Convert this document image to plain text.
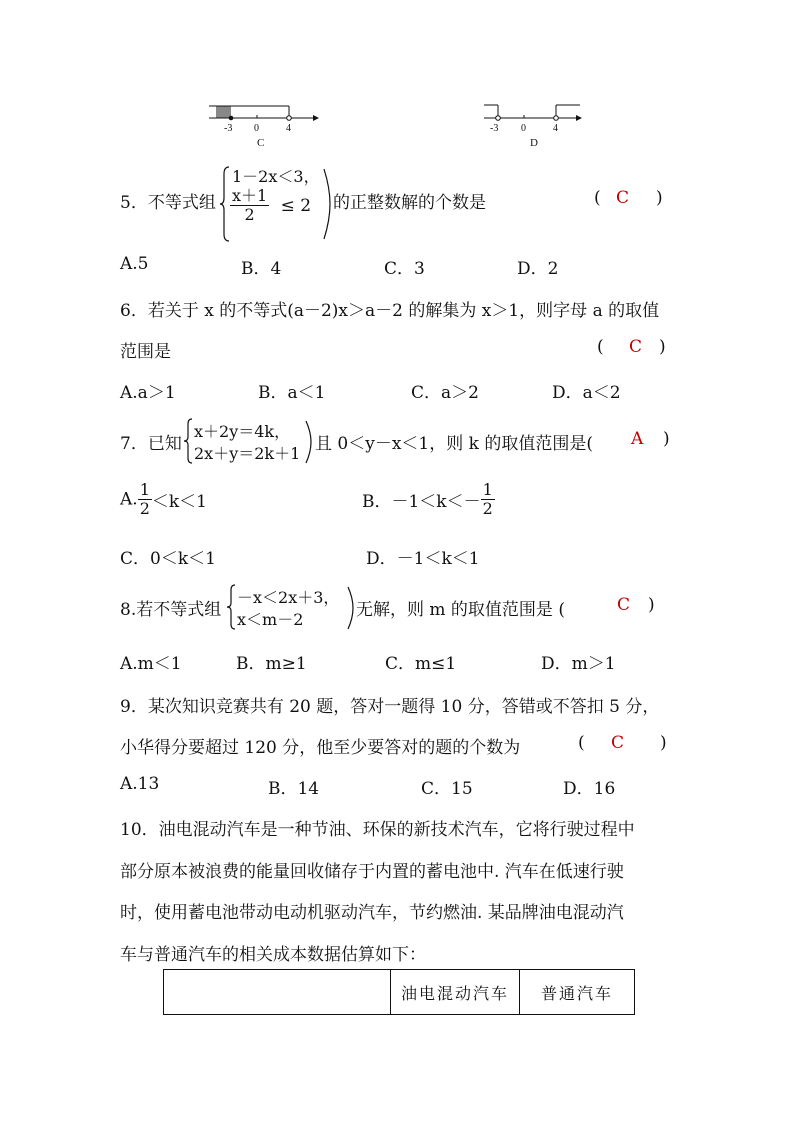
-3 0	4
C
-3 0	4
D
5．不等式组
1－2x＜3，
$\frac{x+1}{2} \le 2$ 的正整数解的个数是	( C )
A.5	B．4	C．3	D．2
6．若关于 x 的不等式(a－2)x＞a－2 的解集为 x＞1，则字母 a 的取值
范围是	( C )
A.a＞1	B．a＜1	C．a＞2	D．a＜2
7．已知
x＋2y＝4k，
2x＋y＝2k＋1 且 0＜y－x＜1，则 k 的取值范围是( A )
A. $\frac{1}{2} <k<1$	B．$-1<k<- \frac{1}{2}$
C．0＜k＜1	D．－1＜k＜1
8.若不等式组
－x＜2x＋3，
x＜m－2	无解，则 m 的取值范围是 (	C )
A.m＜1	B．m≥1	C．m≤1	D．m＞1
9．某次知识竞赛共有 20 题，答对一题得 10 分，答错或不答扣 5 分，
小华得分要超过 120 分，他至少要答对的题的个数为	( C )
A.13	B．14	C．15	D．16
10．油电混动汽车是一种节油、环保的新技术汽车，它将行驶过程中
部分原本被浪费的能量回收储存于内置的蓄电池中. 汽车在低速行驶
时，使用蓄电池带动电动机驱动汽车，节约燃油. 某品牌油电混动汽
车与普通汽车的相关成本数据估算如下：
	油电混动汽车	普通汽车
